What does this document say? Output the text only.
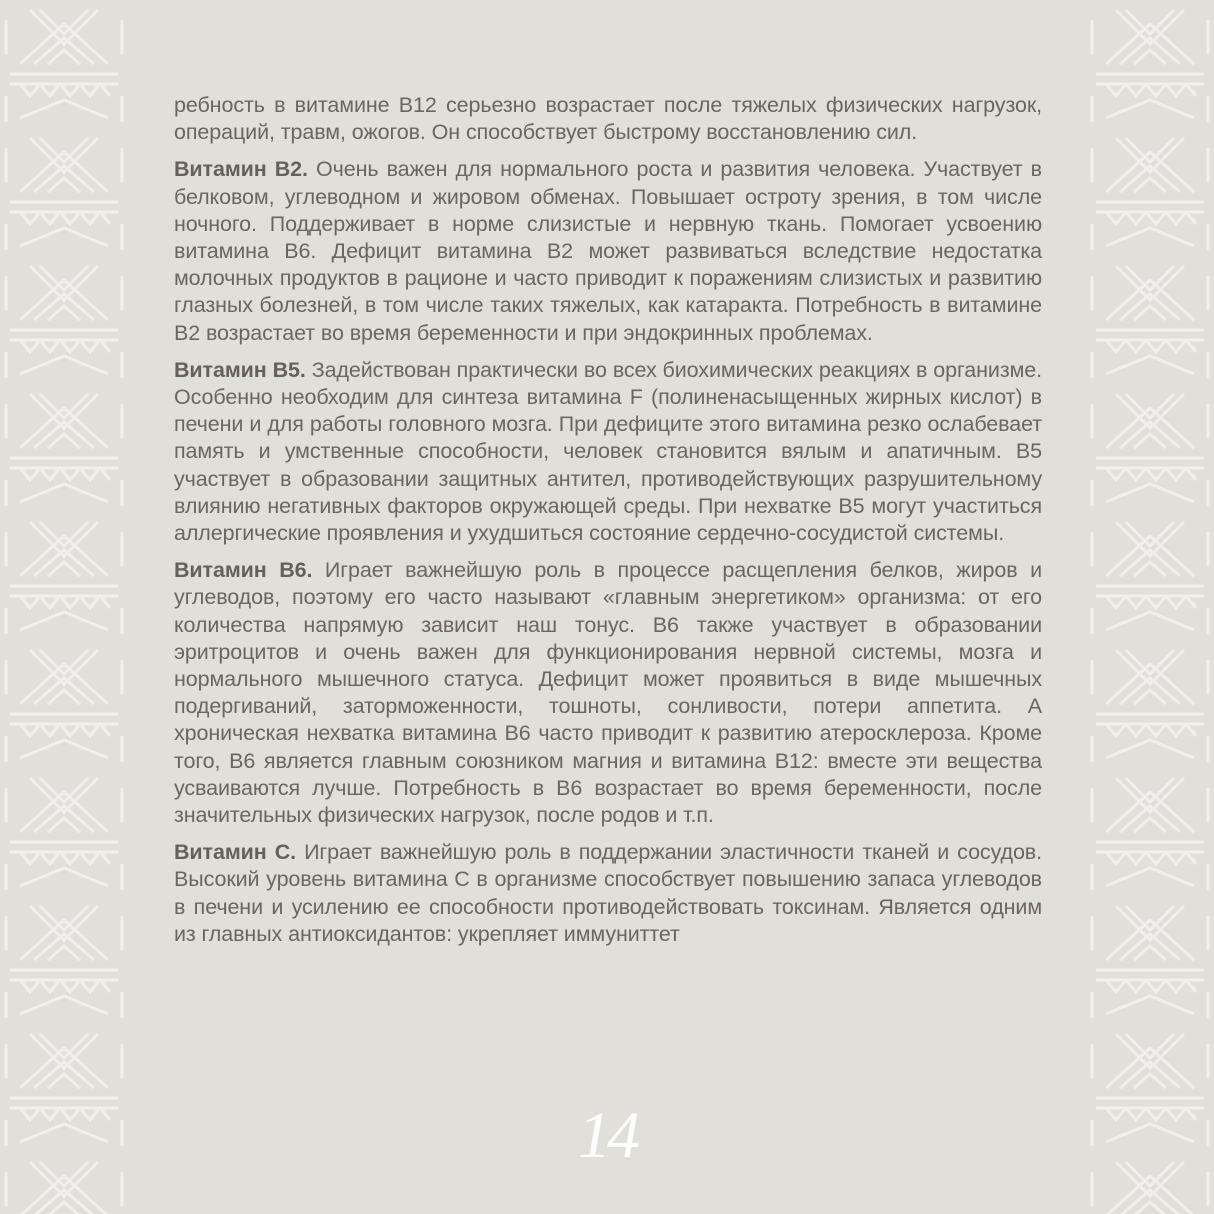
ребность в витамине B12 серьезно возрастает после тяжелых физических нагрузок, операций, травм, ожогов. Он способствует быстрому восстановлению сил.

Витамин B2. Очень важен для нормального роста и развития человека. Участвует в белковом, углеводном и жировом обменах. Повышает остроту зрения, в том числе ночного. Поддерживает в норме слизистые и нервную ткань. Помогает усвоению витамина B6. Дефицит витамина B2 может развиваться вследствие недостатка молочных продуктов в рационе и часто приводит к поражениям слизистых и развитию глазных болезней, в том числе таких тяжелых, как катаракта. Потребность в витамине B2 возрастает во время беременности и при эндокринных проблемах.

Витамин B5. Задействован практически во всех биохимических реакциях в организме. Особенно необходим для синтеза витамина F (полиненасыщенных жирных кислот) в печени и для работы головного мозга. При дефиците этого витамина резко ослабевает память и умственные способности, человек становится вялым и апатичным. B5 участвует в образовании защитных антител, противодействующих разрушительному влиянию негативных факторов окружающей среды. При нехватке B5 могут участиться аллергические проявления и ухудшиться состояние сердечно-сосудистой системы.

Витамин B6. Играет важнейшую роль в процессе расщепления белков, жиров и углеводов, поэтому его часто называют «главным энергетиком» организма: от его количества напрямую зависит наш тонус. B6 также участвует в образовании эритроцитов и очень важен для функционирования нервной системы, мозга и нормального мышечного статуса. Дефицит может проявиться в виде мышечных подергиваний, заторможенности, тошноты, сонливости, потери аппетита. А хроническая нехватка витамина B6 часто приводит к развитию атеросклероза. Кроме того, B6 является главным союзником магния и витамина B12: вместе эти вещества усваиваются лучше. Потребность в B6 возрастает во время беременности, после значительных физических нагрузок, после родов и т.п.

Витамин C. Играет важнейшую роль в поддержании эластичности тканей и сосудов. Высокий уровень витамина C в организме способствует повышению запаса углеводов в печени и усилению ее способности противодействовать токсинам. Является одним из главных антиоксидантов: укрепляет иммуниттет

14
